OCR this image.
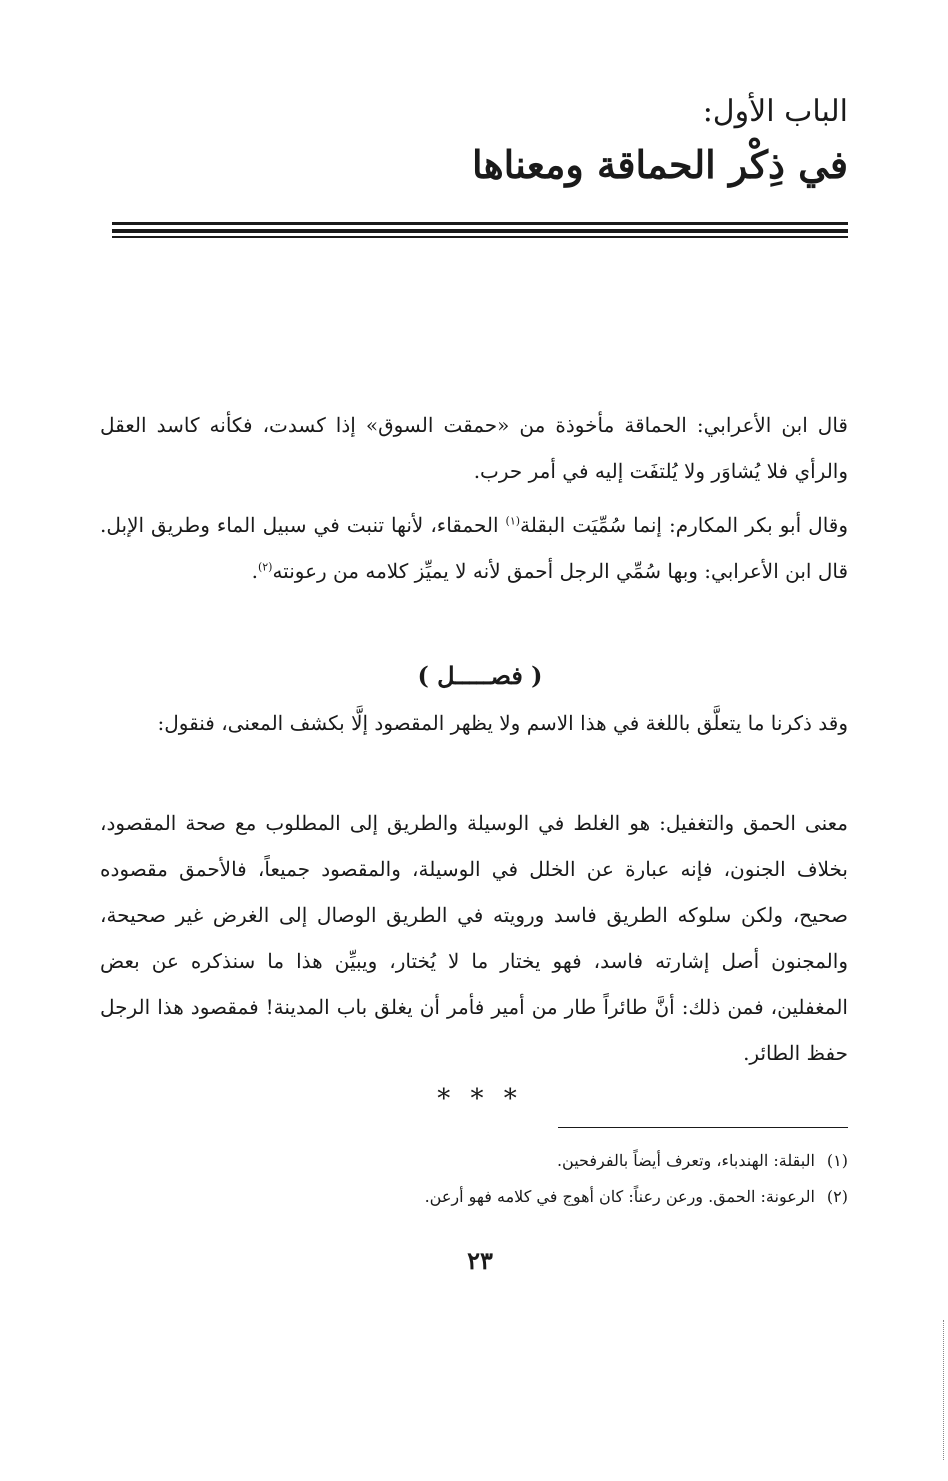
الباب الأول:
في ذِكْر الحماقة ومعناها
قال ابن الأعرابي: الحماقة مأخوذة من «حمقت السوق» إذا كسدت، فكأنه كاسد العقل والرأي فلا يُشاوَر ولا يُلتفَت إليه في أمر حرب.
وقال أبو بكر المكارم: إنما سُمِّيَت البقلة$^{(١)}$ الحمقاء، لأنها تنبت في سبيل الماء وطريق الإبل. قال ابن الأعرابي: وبها سُمِّي الرجل أحمق لأنه لا يميِّز كلامه من رعونته$^{(٢)}$.
( فصـــــل )
وقد ذكرنا ما يتعلَّق باللغة في هذا الاسم ولا يظهر المقصود إلَّا بكشف المعنى، فنقول:
معنى الحمق والتغفيل: هو الغلط في الوسيلة والطريق إلى المطلوب مع صحة المقصود، بخلاف الجنون، فإنه عبارة عن الخلل في الوسيلة، والمقصود جميعاً، فالأحمق مقصوده صحيح، ولكن سلوكه الطريق فاسد ورويته في الطريق الوصال إلى الغرض غير صحيحة، والمجنون أصل إشارته فاسد، فهو يختار ما لا يُختار، ويبيِّن هذا ما سنذكره عن بعض المغفلين، فمن ذلك: أنَّ طائراً طار من أمير فأمر أن يغلق باب المدينة! فمقصود هذا الرجل حفظ الطائر.
* * *
(١)البقلة: الهندباء، وتعرف أيضاً بالفرفحين.
(٢)الرعونة: الحمق. ورعن رعناً: كان أهوج في كلامه فهو أرعن.
٢٣
